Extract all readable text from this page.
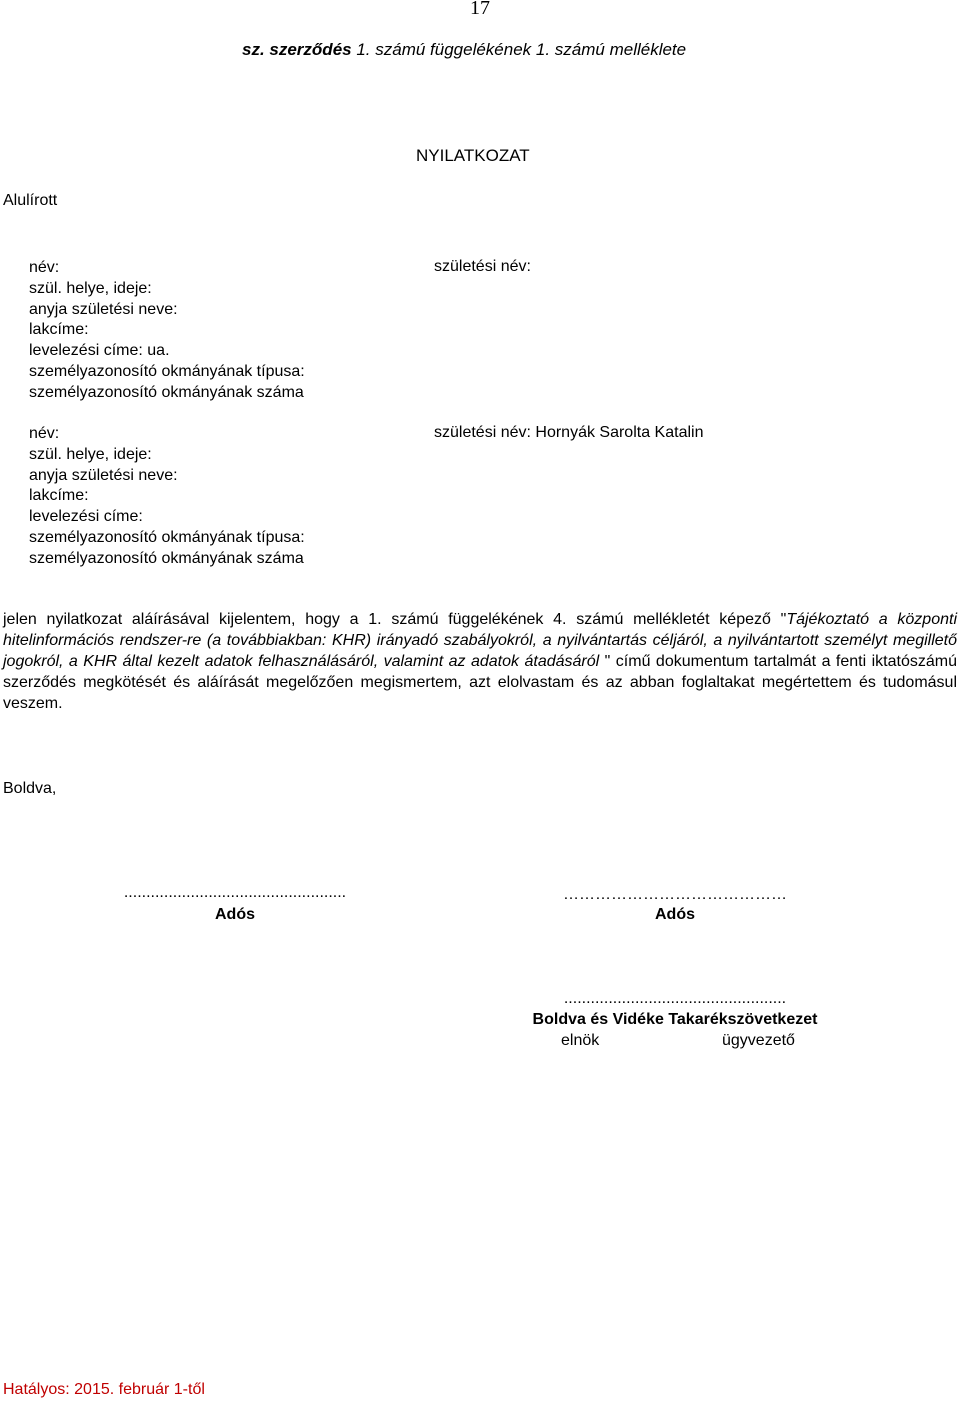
17
sz. szerződés 1. számú függelékének 1. számú melléklete
NYILATKOZAT
Alulírott
név:
szül. helye, ideje:
anyja születési neve:
lakcíme:
levelezési címe: ua.
személyazonosító okmányának típusa:
személyazonosító okmányának száma
születési név:
név:
szül. helye, ideje:
anyja születési neve:
lakcíme:
levelezési címe:
személyazonosító okmányának típusa:
személyazonosító okmányának száma
születési név: Hornyák Sarolta Katalin
jelen nyilatkozat aláírásával kijelentem, hogy a 1. számú függelékének 4. számú mellékletét képező "Tájékoztató a központi hitelinformációs rendszer-re (a továbbiakban: KHR) irányadó szabályokról, a nyilvántartás céljáról, a nyilvántartott személyt megillető jogokról, a KHR által kezelt adatok felhasználásáról, valamint az adatok átadásáról " című dokumentum tartalmát a fenti iktatószámú szerződés megkötését és aláírását megelőzően megismertem, azt elolvastam és az abban foglaltakat megértettem és tudomásul veszem.
Boldva,
..................................................
Adós
……………………………………
Adós
..................................................
Boldva és Vidéke Takarékszövetkezet
elnök	ügyvezető
Hatályos: 2015. február 1-től
